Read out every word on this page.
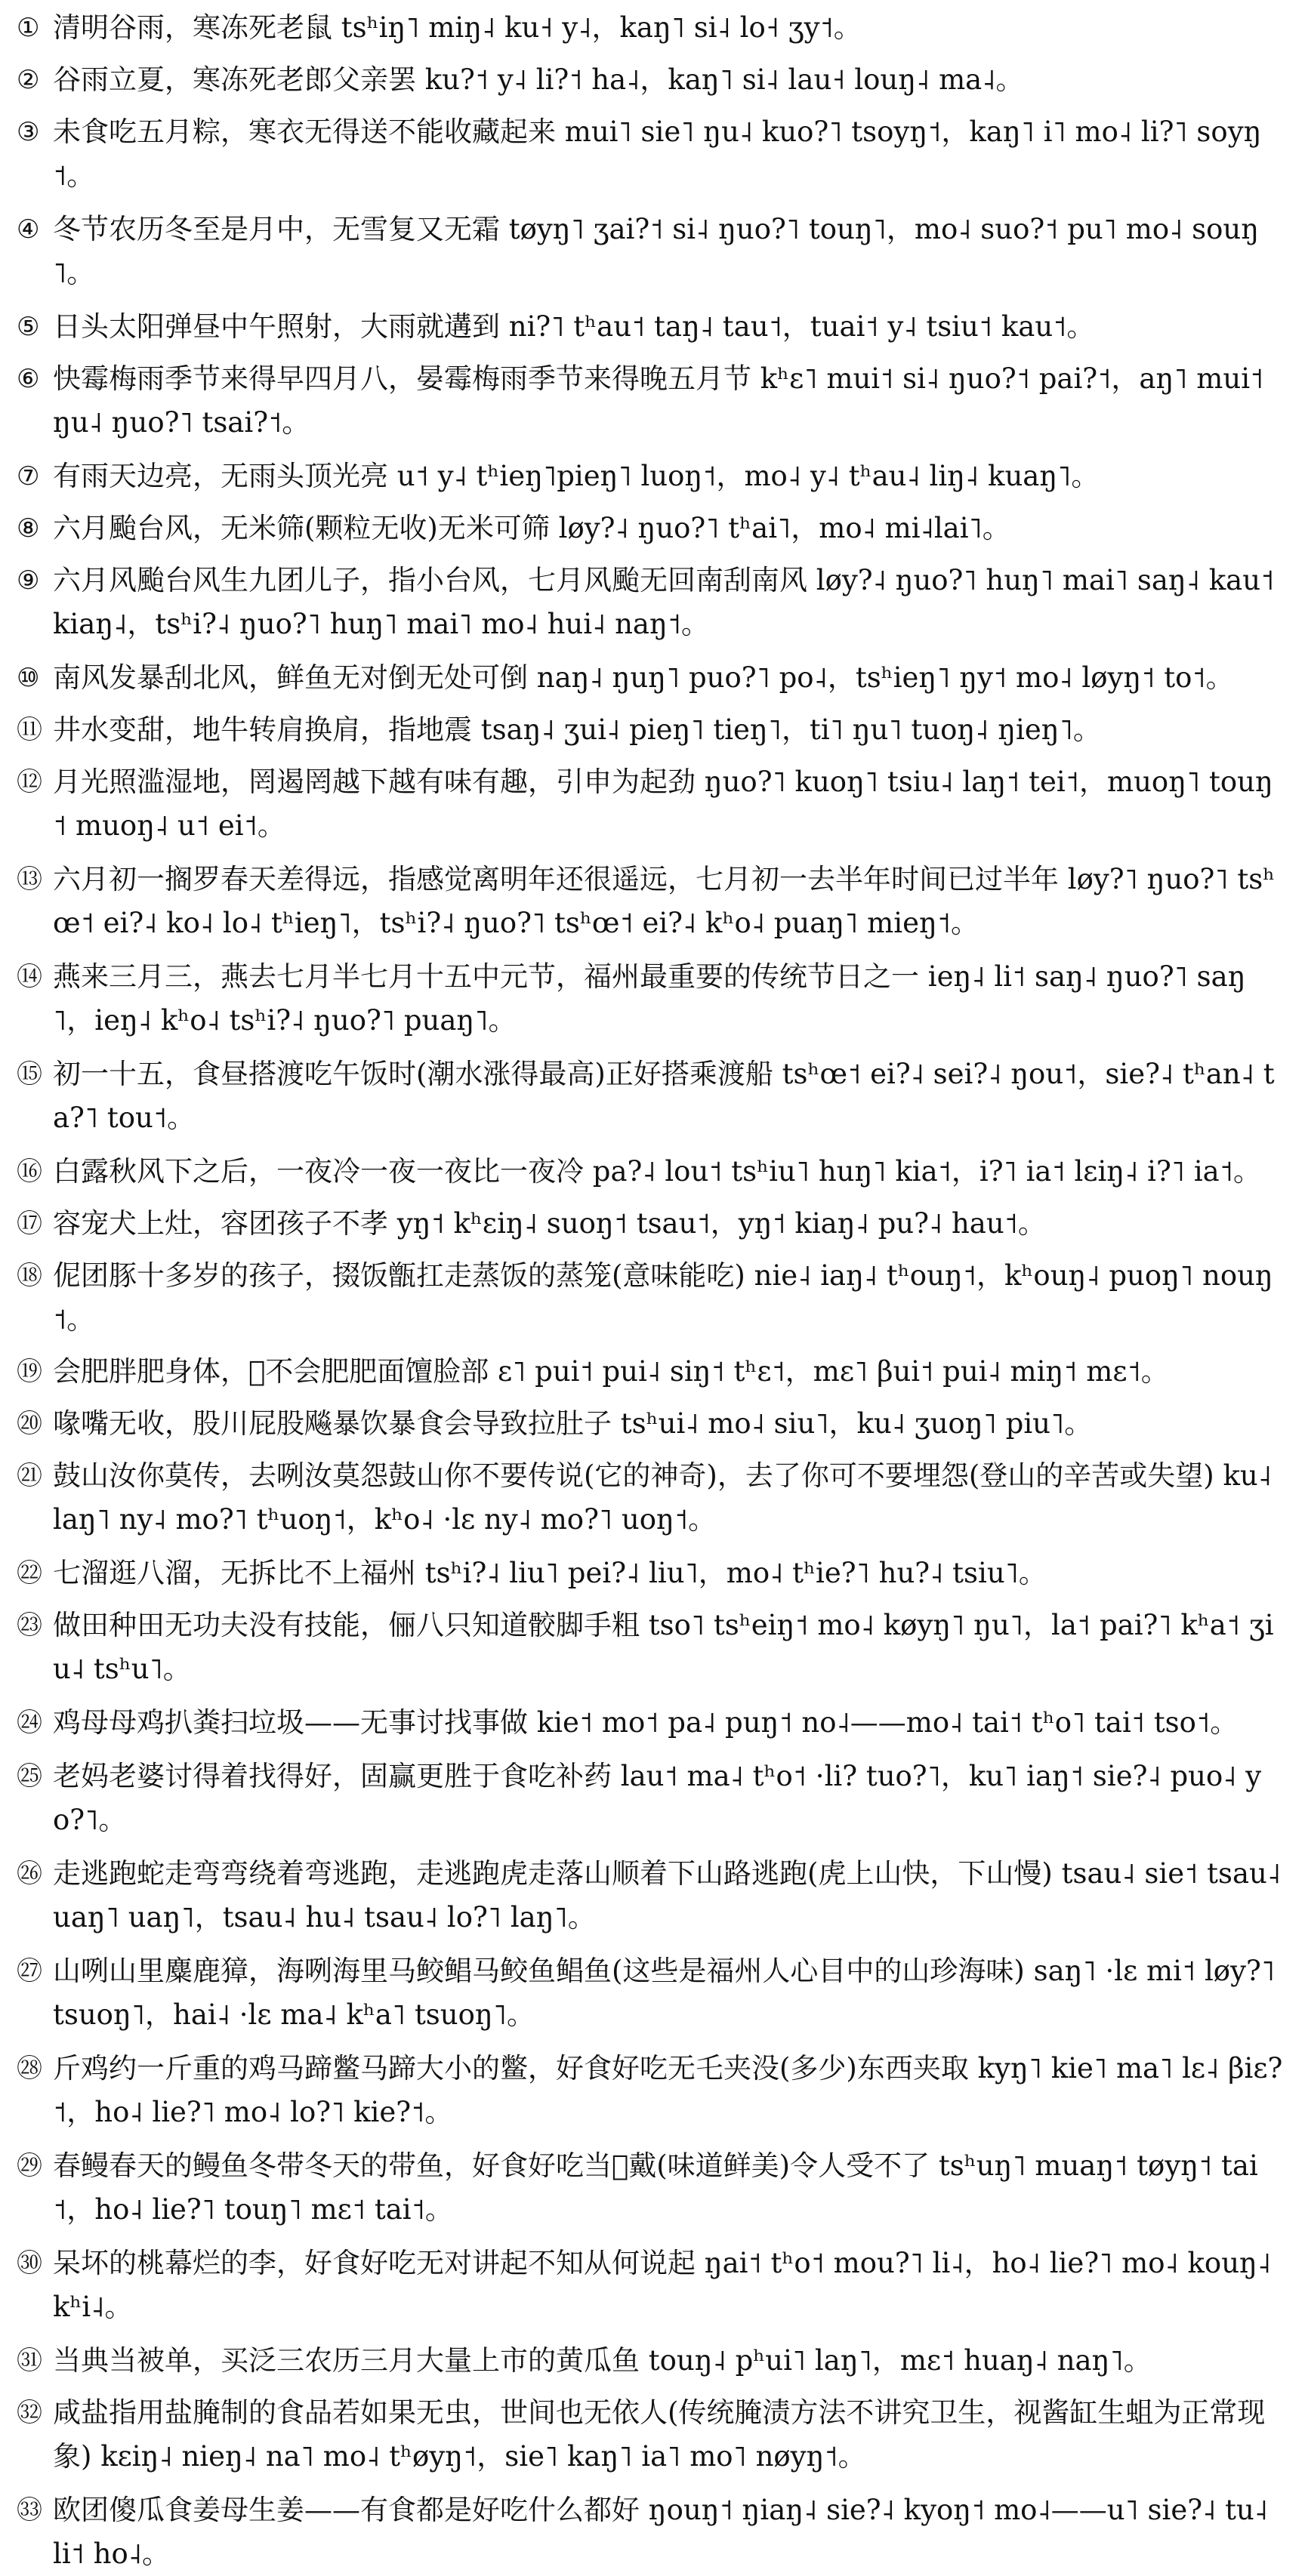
① 清明谷雨，寒冻死老鼠 tsʰiŋ˥ miŋ˨ ku˧ y˨，kaŋ˥ si˨ lo˧ ʒy˦。
② 谷雨立夏，寒冻死老郎父亲罢 ku?˦ y˨ li?˦ ha˨，kaŋ˥ si˨ lau˧ louŋ˨ ma˨。
③ 未食吃五月粽，寒衣无得送不能收藏起来 mui˥ sie˥ ŋu˨ kuo?˥ tsoyŋ˦，kaŋ˥ i˥ mo˨ li?˥ soyŋ˦。
④ 冬节农历冬至是月中，无雪复又无霜 tøyŋ˥ ʒai?˦ si˨ ŋuo?˥ touŋ˥，mo˨ suo?˦ pu˥ mo˨ souŋ˥。
⑤ 日头太阳弹昼中午照射，大雨就遘到 ni?˥ tʰau˦ taŋ˨ tau˦，tuai˦ y˨ tsiu˦ kau˦。
⑥ 快霉梅雨季节来得早四月八，晏霉梅雨季节来得晚五月节 kʰɛ˥ mui˦ si˨ ŋuo?˦ pai?˦，aŋ˥ mui˦ ŋu˨ ŋuo?˥ tsai?˦。
⑦ 有雨天边亮，无雨头顶光亮 u˦ y˨ tʰieŋ˥pieŋ˥ luoŋ˦，mo˨ y˨ tʰau˨ liŋ˨ kuaŋ˥。
⑧ 六月颱台风，无米筛(颗粒无收)无米可筛 løy?˨ ŋuo?˥ tʰai˥，mo˨ mi˨lai˥。
⑨ 六月风颱台风生九团儿子，指小台风，七月风颱无回南刮南风 løy?˨ ŋuo?˥ huŋ˥ mai˥ saŋ˨ kau˦ kiaŋ˨，tsʰi?˨ ŋuo?˥ huŋ˥ mai˥ mo˨ hui˨ naŋ˦。
⑩ 南风发暴刮北风，鲜鱼无对倒无处可倒 naŋ˨ ŋuŋ˥ puo?˥ po˨，tsʰieŋ˥ ŋy˦ mo˨ løyŋ˦ to˦。
⑪ 井水变甜，地牛转肩换肩，指地震 tsaŋ˨ ʒui˨ pieŋ˥ tieŋ˥，ti˥ ŋu˥ tuoŋ˨ ŋieŋ˥。
⑫ 月光照滥湿地，罔遏罔越下越有味有趣，引申为起劲 ŋuo?˥ kuoŋ˥ tsiu˨ laŋ˦ tei˦，muoŋ˥ touŋ˦ muoŋ˨ u˦ ei˦。
⑬ 六月初一搁罗春天差得远，指感觉离明年还很遥远，七月初一去半年时间已过半年 løy?˥ ŋuo?˥ tsʰœ˦ ei?˨ ko˨ lo˨ tʰieŋ˥，tsʰi?˨ ŋuo?˥ tsʰœ˦ ei?˨ kʰo˨ puaŋ˥ mieŋ˦。
⑭ 燕来三月三，燕去七月半七月十五中元节，福州最重要的传统节日之一 ieŋ˨ li˦ saŋ˨ ŋuo?˥ saŋ˥，ieŋ˨ kʰo˨ tsʰi?˨ ŋuo?˥ puaŋ˥。
⑮ 初一十五，食昼搭渡吃午饭时(潮水涨得最高)正好搭乘渡船 tsʰœ˦ ei?˨ sei?˨ ŋou˦，sie?˨ tʰan˨ ta?˥ tou˦。
⑯ 白露秋风下之后，一夜冷一夜一夜比一夜冷 pa?˨ lou˦ tsʰiu˥ huŋ˥ kia˦，i?˥ ia˦ lɛiŋ˨ i?˥ ia˦。
⑰ 容宠犬上灶，容团孩子不孝 yŋ˦ kʰɛiŋ˨ suoŋ˦ tsau˦，yŋ˦ kiaŋ˨ pu?˨ hau˦。
⑱ 伲团豚十多岁的孩子，掇饭甑扛走蒸饭的蒸笼(意味能吃) nie˨ iaŋ˨ tʰouŋ˦，kʰouŋ˨ puoŋ˥ nouŋ˦。
⑲ 会肥胖肥身体，𫉀不会肥肥面𫗴脸部 ɛ˥ pui˦ pui˨ siŋ˦ tʰɛ˦，mɛ˥ βui˦ pui˨ miŋ˦ mɛ˦。
⑳ 喙嘴无收，股川屁股飚暴饮暴食会导致拉肚子 tsʰui˨ mo˨ siu˥，ku˨ ʒuoŋ˥ piu˥。
㉑ 鼓山汝你莫传，去咧汝莫怨鼓山你不要传说(它的神奇)，去了你可不要埋怨(登山的辛苦或失望) ku˨ laŋ˥ ny˨ mo?˥ tʰuoŋ˦，kʰo˨ ·lɛ ny˨ mo?˥ uoŋ˦。
㉒ 七溜逛八溜，无拆比不上福州 tsʰi?˨ liu˥ pei?˨ liu˥，mo˨ tʰie?˥ hu?˨ tsiu˥。
㉓ 做田种田无功夫没有技能，俪八只知道骹脚手粗 tso˥ tsʰeiŋ˦ mo˨ køyŋ˥ ŋu˥，la˦ pai?˥ kʰa˦ ʒiu˨ tsʰu˥。
㉔ 鸡母母鸡扒粪扫垃圾——无事讨找事做 kie˦ mo˦ pa˨ puŋ˦ no˨——mo˨ tai˦ tʰo˥ tai˦ tso˦。
㉕ 老妈老婆讨得着找得好，固赢更胜于食吃补药 lau˦ ma˨ tʰo˦ ·li? tuo?˥，ku˥ iaŋ˦ sie?˨ puo˨ yo?˥。
㉖ 走逃跑蛇走弯弯绕着弯逃跑，走逃跑虎走落山顺着下山路逃跑(虎上山快，下山慢) tsau˨ sie˦ tsau˨ uaŋ˥ uaŋ˥，tsau˨ hu˨ tsau˨ lo?˥ laŋ˥。
㉗ 山咧山里麋鹿獐，海咧海里马鲛鲳马鲛鱼鲳鱼(这些是福州人心目中的山珍海味) saŋ˥ ·lɛ mi˦ løy?˥ tsuoŋ˥，hai˨ ·lɛ ma˨ kʰa˥ tsuoŋ˥。
㉘ 斤鸡约一斤重的鸡马蹄鳖马蹄大小的鳖，好食好吃无乇夹没(多少)东西夹取 kyŋ˥ kie˥ ma˥ lɛ˨ βiɛ?˦，ho˨ lie?˥ mo˨ lo?˥ kie?˦。
㉙ 春鳗春天的鳗鱼冬带冬天的带鱼，好食好吃当𫉀戴(味道鲜美)令人受不了 tsʰuŋ˥ muaŋ˦ tøyŋ˦ tai˦，ho˨ lie?˥ touŋ˥ mɛ˦ tai˦。
㉚ 呆坏的桃幕烂的李，好食好吃无对讲起不知从何说起 ŋai˦ tʰo˦ mou?˥ li˨，ho˨ lie?˥ mo˨ kouŋ˨ kʰi˨。
㉛ 当典当被单，买泛三农历三月大量上市的黄瓜鱼 touŋ˨ pʰui˥ laŋ˥，mɛ˦ huaŋ˨ naŋ˥。
㉜ 咸盐指用盐腌制的食品若如果无虫，世间也无依人(传统腌渍方法不讲究卫生，视酱缸生蛆为正常现象) kɛiŋ˨ nieŋ˨ na˥ mo˨ tʰøyŋ˦，sie˥ kaŋ˥ ia˥ mo˥ nøyŋ˦。
㉝ 欧团傻瓜食姜母生姜——有食都是好吃什么都好 ŋouŋ˦ ŋiaŋ˨ sie?˨ kyoŋ˦ mo˨——u˥ sie?˨ tu˨ li˦ ho˨。
